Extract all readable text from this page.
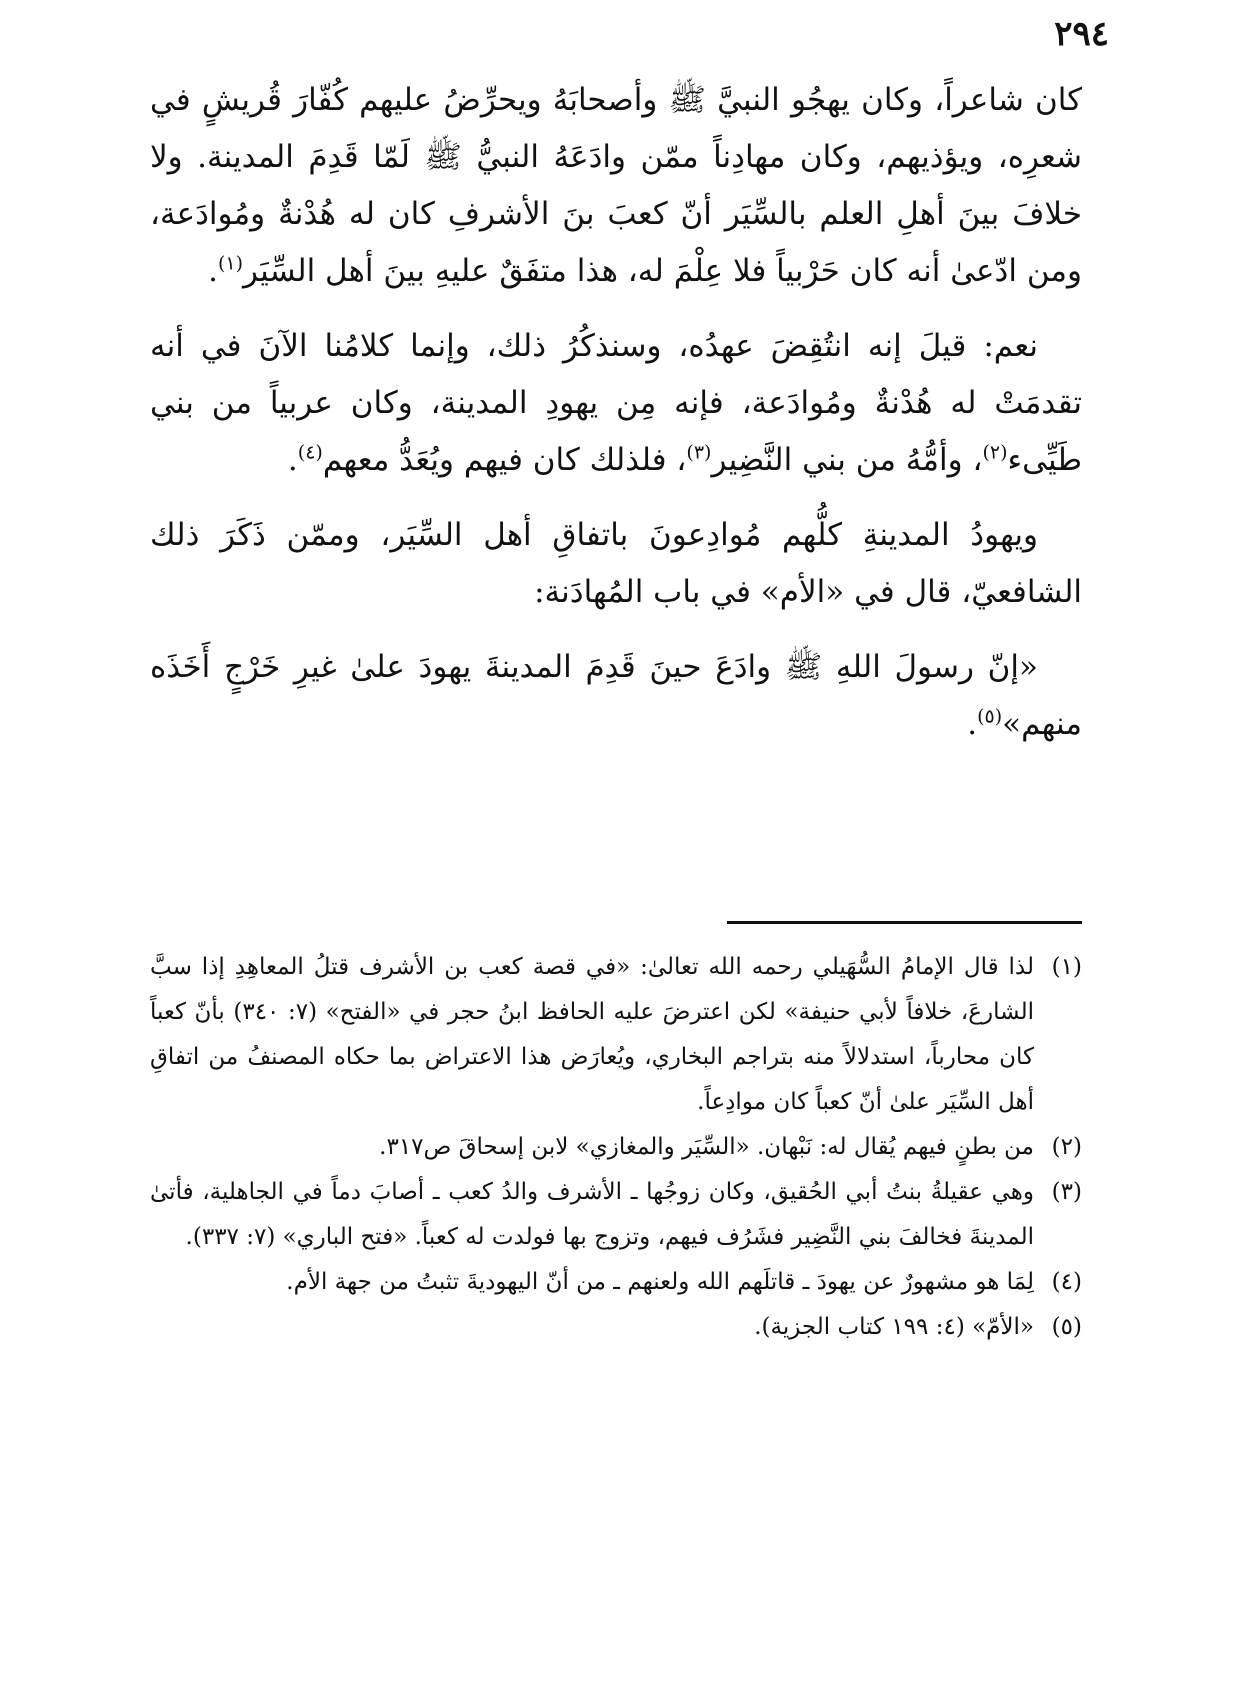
٢٩٤

كان شاعراً، وكان يهجُو النبيَّ ﷺ وأصحابَهُ ويحرِّضُ عليهم كُفّارَ قُريشٍ في شعرِه، ويؤذيهم، وكان مهادِناً ممّن وادَعَهُ النبيُّ ﷺ لَمّا قَدِمَ المدينة. ولا خلافَ بينَ أهلِ العلم بالسِّيَر أنّ كعبَ بنَ الأشرفِ كان له هُدْنةٌ ومُوادَعة، ومن ادّعىٰ أنه كان حَرْبياً فلا عِلْمَ له، هذا متفَقٌ عليهِ بينَ أهل السِّيَر$^{(١)}$.

نعم: قيلَ إنه انتُقِضَ عهدُه، وسنذكُرُ ذلك، وإنما كلامُنا الآنَ في أنه تقدمَتْ له هُدْنةٌ ومُوادَعة، فإنه مِن يهودِ المدينة، وكان عربياً من بني طَيِّىء$^{(٢)}$، وأمُّهُ من بني النَّضِير$^{(٣)}$، فلذلك كان فيهم ويُعَدُّ معهم$^{(٤)}$.

ويهودُ المدينةِ كلُّهم مُوادِعونَ باتفاقِ أهل السِّيَر، وممّن ذَكَرَ ذلك الشافعيّ، قال في «الأم» في باب المُهادَنة:

«إنّ رسولَ اللهِ ﷺ وادَعَ حينَ قَدِمَ المدينةَ يهودَ علىٰ غيرِ خَرْجٍ أَخَذَه منهم»$^{(٥)}$.

(١)
لذا قال الإمامُ السُّهَيلي رحمه الله تعالىٰ: «في قصة كعب بن الأشرف قتلُ المعاهِدِ إذا سبَّ الشارعَ، خلافاً لأبي حنيفة» لكن اعترضَ عليه الحافظ ابنُ حجر في «الفتح» (٧: ٣٤٠) بأنّ كعباً كان محارباً، استدلالاً منه بتراجم البخاري، ويُعارَض هذا الاعتراض بما حكاه المصنفُ من اتفاقِ أهل السِّيَر علىٰ أنّ كعباً كان موادِعاً.
(٢)
من بطنٍ فيهم يُقال له: نَبْهان. «السِّيَر والمغازي» لابن إسحاقَ ص٣١٧.
(٣)
وهي عقيلةُ بنتُ أبي الحُقيق، وكان زوجُها ـ الأشرف والدُ كعب ـ أصابَ دماً في الجاهلية، فأتىٰ المدينةَ فخالفَ بني النَّضِير فشَرُف فيهم، وتزوج بها فولدت له كعباً. «فتح الباري» (٧: ٣٣٧).
(٤)
لِمَا هو مشهورٌ عن يهودَ ـ قاتلَهم الله ولعنهم ـ من أنّ اليهوديةَ تثبتُ من جهة الأم.
(٥)
«الأمّ» (٤: ١٩٩ كتاب الجزية).
